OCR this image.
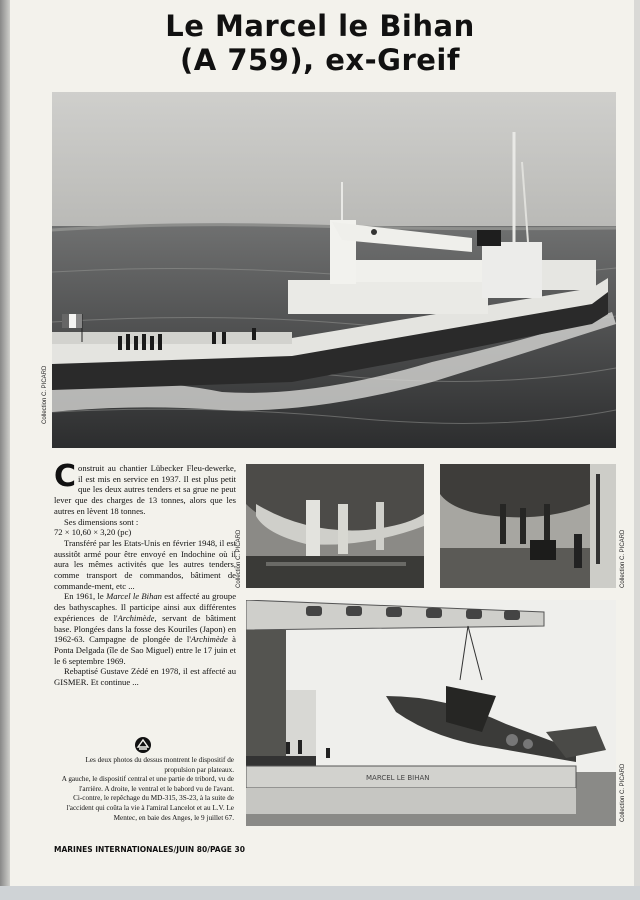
Le Marcel le Bihan
(A 759), ex-Greif
Collection C. PICARD
Collection C. PICARD	Collection C. PICARD
MARCEL LE BIHAN	Collection C. PICARD

Construit au chantier Lübecker Fleu-dewerke, il est mis en service en 1937. Il est plus petit que les deux autres tenders et sa grue ne peut lever que des charges de 13 tonnes, alors que les autres en lèvent 18 tonnes.

Ses dimensions sont :

72 × 10,60 × 3,20 (pc)

Transféré par les Etats-Unis en février 1948, il est aussitôt armé pour être envoyé en Indochine où il aura les mêmes activités que les autres tenders, comme transport de commandos, bâtiment de commande-ment, etc ...

En 1961, le Marcel le Bihan est affecté au groupe des bathyscaphes. Il participe ainsi aux différentes expériences de l'Archimède, servant de bâtiment base. Plongées dans la fosse des Kouriles (Japon) en 1962-63. Campagne de plongée de l'Archimède à Ponta Delgada (île de Sao Miguel) entre le 17 juin et le 6 septembre 1969.

Rebaptisé Gustave Zédé en 1978, il est affecté au GISMER. Et continue ...

Les deux photos du dessus montrent le dispositif de propulsion par plateaux.
A gauche, le dispositif central et une partie de tribord, vu de l'arrière. A droite, le ventral et le babord vu de l'avant.
Ci-contre, le repêchage du MD-315, 3S-23, à la suite de l'accident qui coûta la vie à l'amiral Lancelot et au L.V. Le Mentec, en baie des Anges, le 9 juillet 67.
MARINES INTERNATIONALES/JUIN 80/PAGE 30
